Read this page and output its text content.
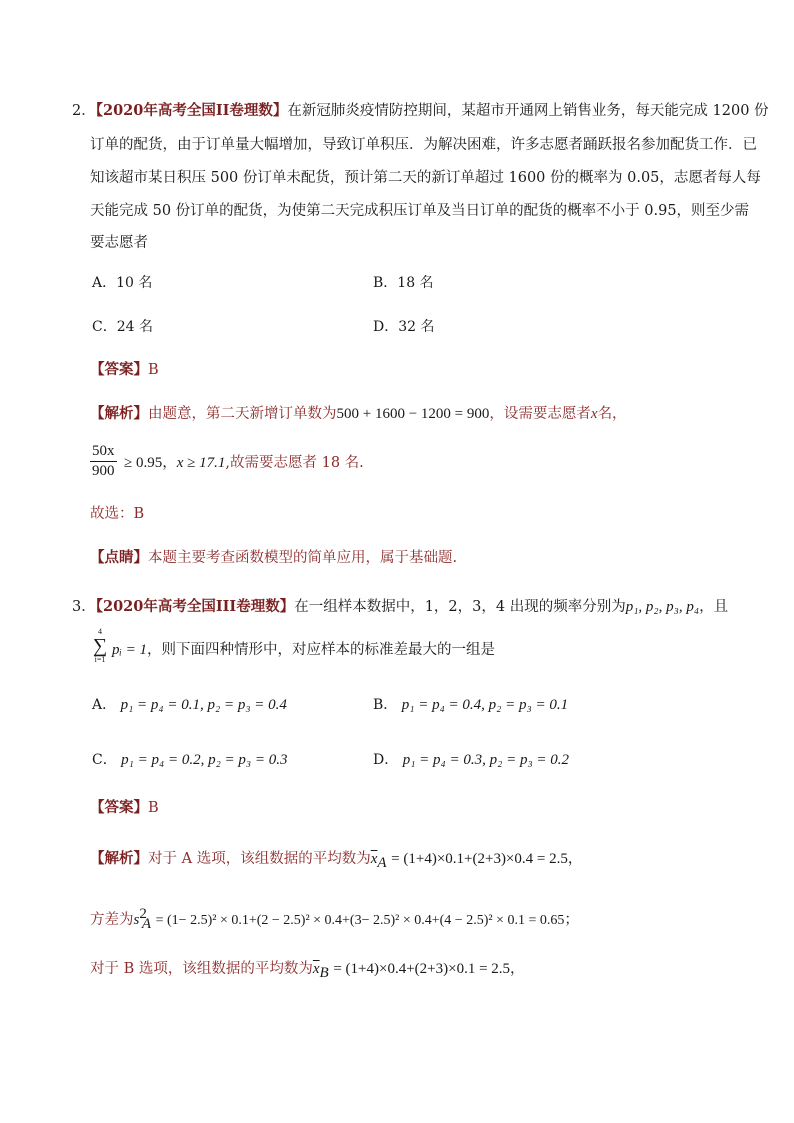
2．【2020年高考全国II卷理数】在新冠肺炎疫情防控期间，某超市开通网上销售业务，每天能完成 1200 份
订单的配货，由于订单量大幅增加，导致订单积压．为解决困难，许多志愿者踊跃报名参加配货工作．已
知该超市某日积压 500 份订单未配货，预计第二天的新订单超过 1600 份的概率为 0.05，志愿者每人每
天能完成 50 份订单的配货，为使第二天完成积压订单及当日订单的配货的概率不小于 0.95，则至少需
要志愿者
A．10 名	B．18 名
C．24 名	D．32 名
【答案】B
【解析】由题意，第二天新增订单数为500 + 1600 − 1200 = 900，设需要志愿者x名，
50x
900 ≥ 0.95，x ≥ 17.1,故需要志愿者 18 名.
故选：B
【点睛】本题主要考查函数模型的简单应用，属于基础题.
3．【2020年高考全国III卷理数】在一组样本数据中，1，2，3，4 出现的频率分别为p₁, p₂, p₃, p₄，且
4
∑
i=1
pᵢ = 1，则下面四种情形中，对应样本的标准差最大的一组是
A． p₁ = p₄ = 0.1, p₂ = p₃ = 0.4	B． p₁ = p₄ = 0.4, p₂ = p₃ = 0.1
C． p₁ = p₄ = 0.2, p₂ = p₃ = 0.3	D． p₁ = p₄ = 0.3, p₂ = p₃ = 0.2
【答案】B
【解析】对于 A 选项，该组数据的平均数为$\overline{x}_A = (1+4)\times 0.1+(2+3)\times 0.4 = 2.5$，
方差为$s^2_A = (1- 2.5)^2 \times 0.1+(2 - 2.5)^2 \times 0.4+(3- 2.5)^2 \times 0.4+(4 - 2.5)^2 \times 0.1 = 0.65$；
对于 B 选项，该组数据的平均数为$\overline{x}_B = (1+4)\times 0.4+(2+3)\times 0.1 = 2.5$，
